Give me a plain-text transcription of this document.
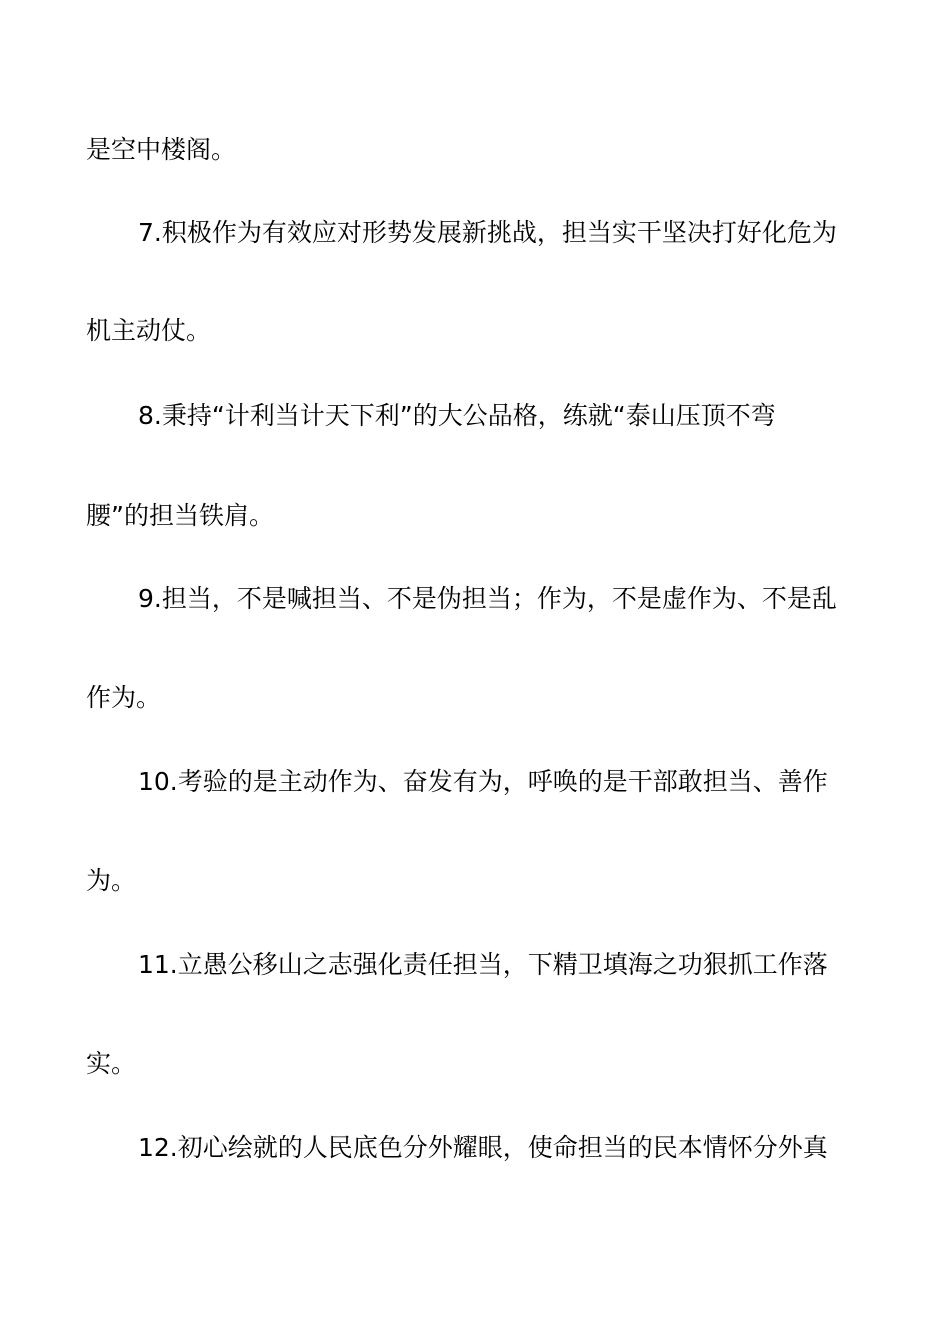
是空中楼阁。
7.积极作为有效应对形势发展新挑战，担当实干坚决打好化危为
机主动仗。
8.秉持“计利当计天下利”的大公品格，练就“泰山压顶不弯
腰”的担当铁肩。
9.担当，不是喊担当、不是伪担当；作为，不是虚作为、不是乱
作为。
10.考验的是主动作为、奋发有为，呼唤的是干部敢担当、善作
为。
11.立愚公移山之志强化责任担当，下精卫填海之功狠抓工作落
实。
12.初心绘就的人民底色分外耀眼，使命担当的民本情怀分外真
